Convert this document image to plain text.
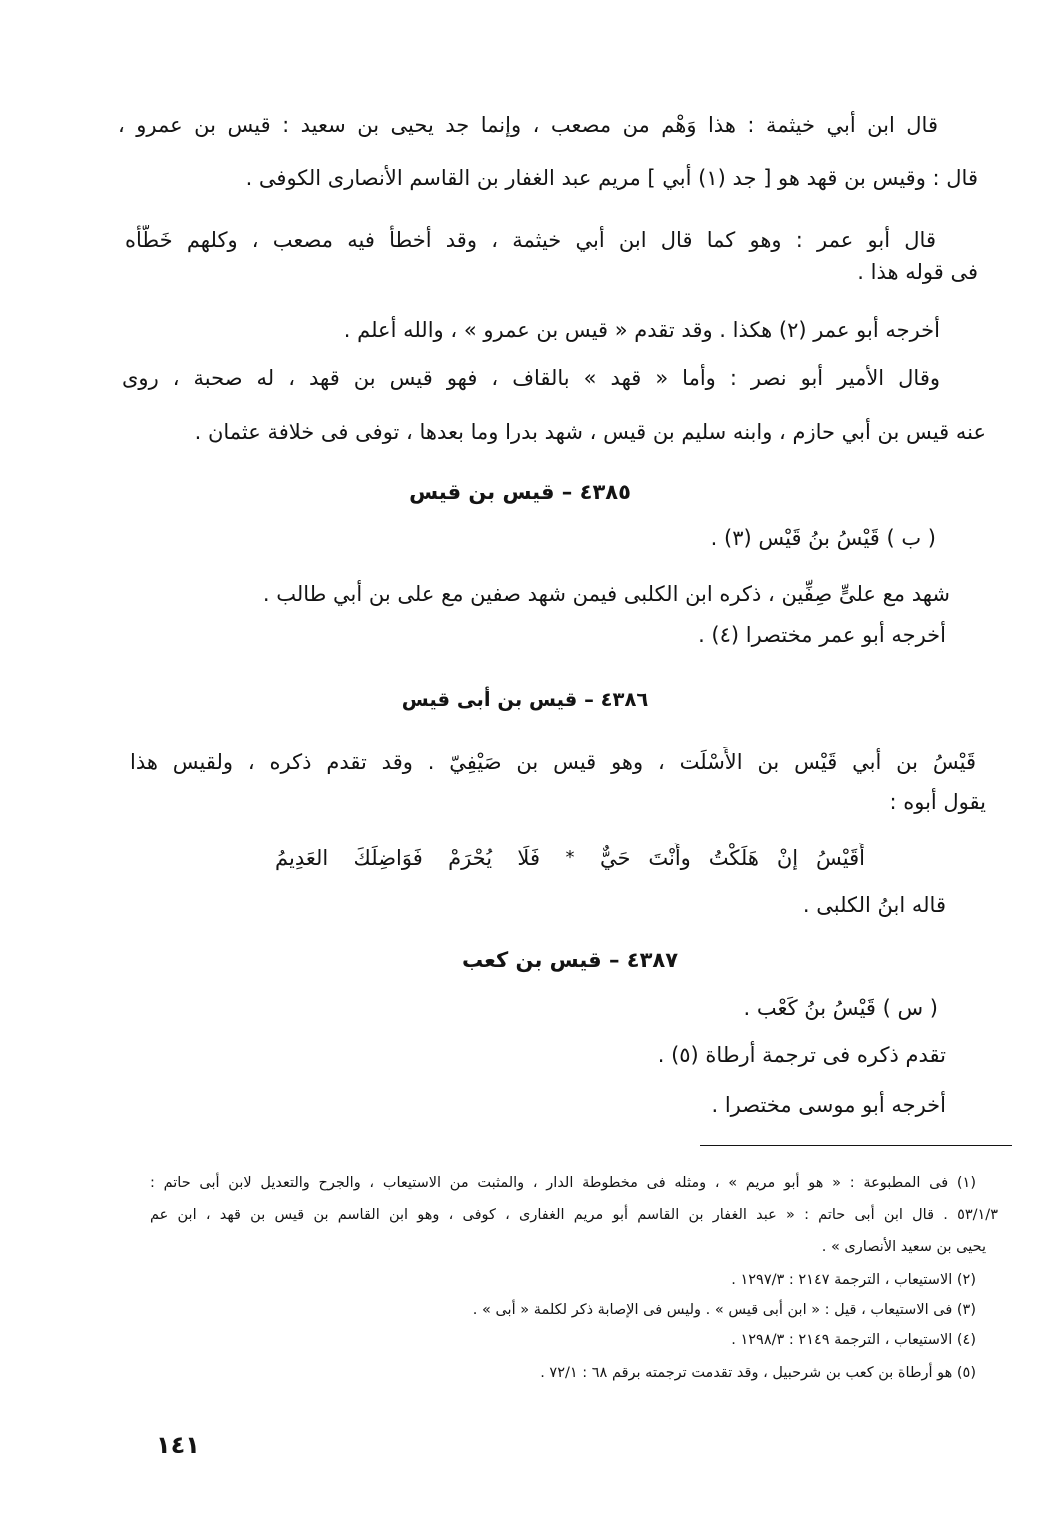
قال ابن أبي خيثمة : هذا وَهْم من مصعب ، وإنما جد يحيى بن سعيد : قيس بن عمرو ،
قال : وقيس بن قهد هو [ جد (١) أبي ] مريم عبد الغفار بن القاسم الأنصارى الكوفى .
قال أبو عمر : وهو كما قال ابن أبي خيثمة ، وقد أخطأ فيه مصعب ، وكلهم خَطَّأه
فى قوله هذا .
أخرجه أبو عمر (٢) هكذا . وقد تقدم « قيس بن عمرو » ، والله أعلم .
وقال الأمير أبو نصر : وأما « قهد » بالقاف ، فهو قيس بن قهد ، له صحبة ، روى
عنه قيس بن أبي حازم ، وابنه سليم بن قيس ، شهد بدرا وما بعدها ، توفى فى خلافة عثمان .
٤٣٨٥ – قيس بن قيس
( ب ) قَيْسُ بنُ قَيْس (٣) .
شهد مع علىٍّ صِفِّين ، ذكره ابن الكلبى فيمن شهد صفين مع على بن أبي طالب .
أخرجه أبو عمر مختصرا (٤) .
٤٣٨٦ – قيس بن أبى قيس
قَيْسُ بن أبي قَيْس بن الأَسْلَت ، وهو قيس بن صَيْفِيّ . وقد تقدم ذكره ، ولقيس هذا
يقول أبوه :
أَقَيْسُ إنْ هَلَكْتُ وأَنْتَ حَيٌّ
*
فَلَا يُحْرَمْ فَوَاضِلَكَ العَدِيمُ
قاله ابنُ الكلبى .
٤٣٨٧ – قيس بن كعب
( س ) قَيْسُ بنُ كَعْب .
تقدم ذكره فى ترجمة أرطاة (٥) .
أخرجه أبو موسى مختصرا .
(١) فى المطبوعة : « هو أبو مريم » ، ومثله فى مخطوطة الدار ، والمثبت من الاستيعاب ، والجرح والتعديل لابن أبى حاتم :
٥٣/١/٣ . قال ابن أبى حاتم : « عبد الغفار بن القاسم أبو مريم الغفارى ، كوفى ، وهو ابن القاسم بن قيس بن قهد ، ابن عم
يحيى بن سعيد الأنصارى » .
(٢) الاستيعاب ، الترجمة ٢١٤٧ : ١٢٩٧/٣ .
(٣) فى الاستيعاب ، قيل : « ابن أبى قيس » . وليس فى الإصابة ذكر لكلمة « أبى » .
(٤) الاستيعاب ، الترجمة ٢١٤٩ : ١٢٩٨/٣ .
(٥) هو أرطاة بن كعب بن شرحبيل ، وقد تقدمت ترجمته برقم ٦٨ : ٧٢/١ .
١٤١
